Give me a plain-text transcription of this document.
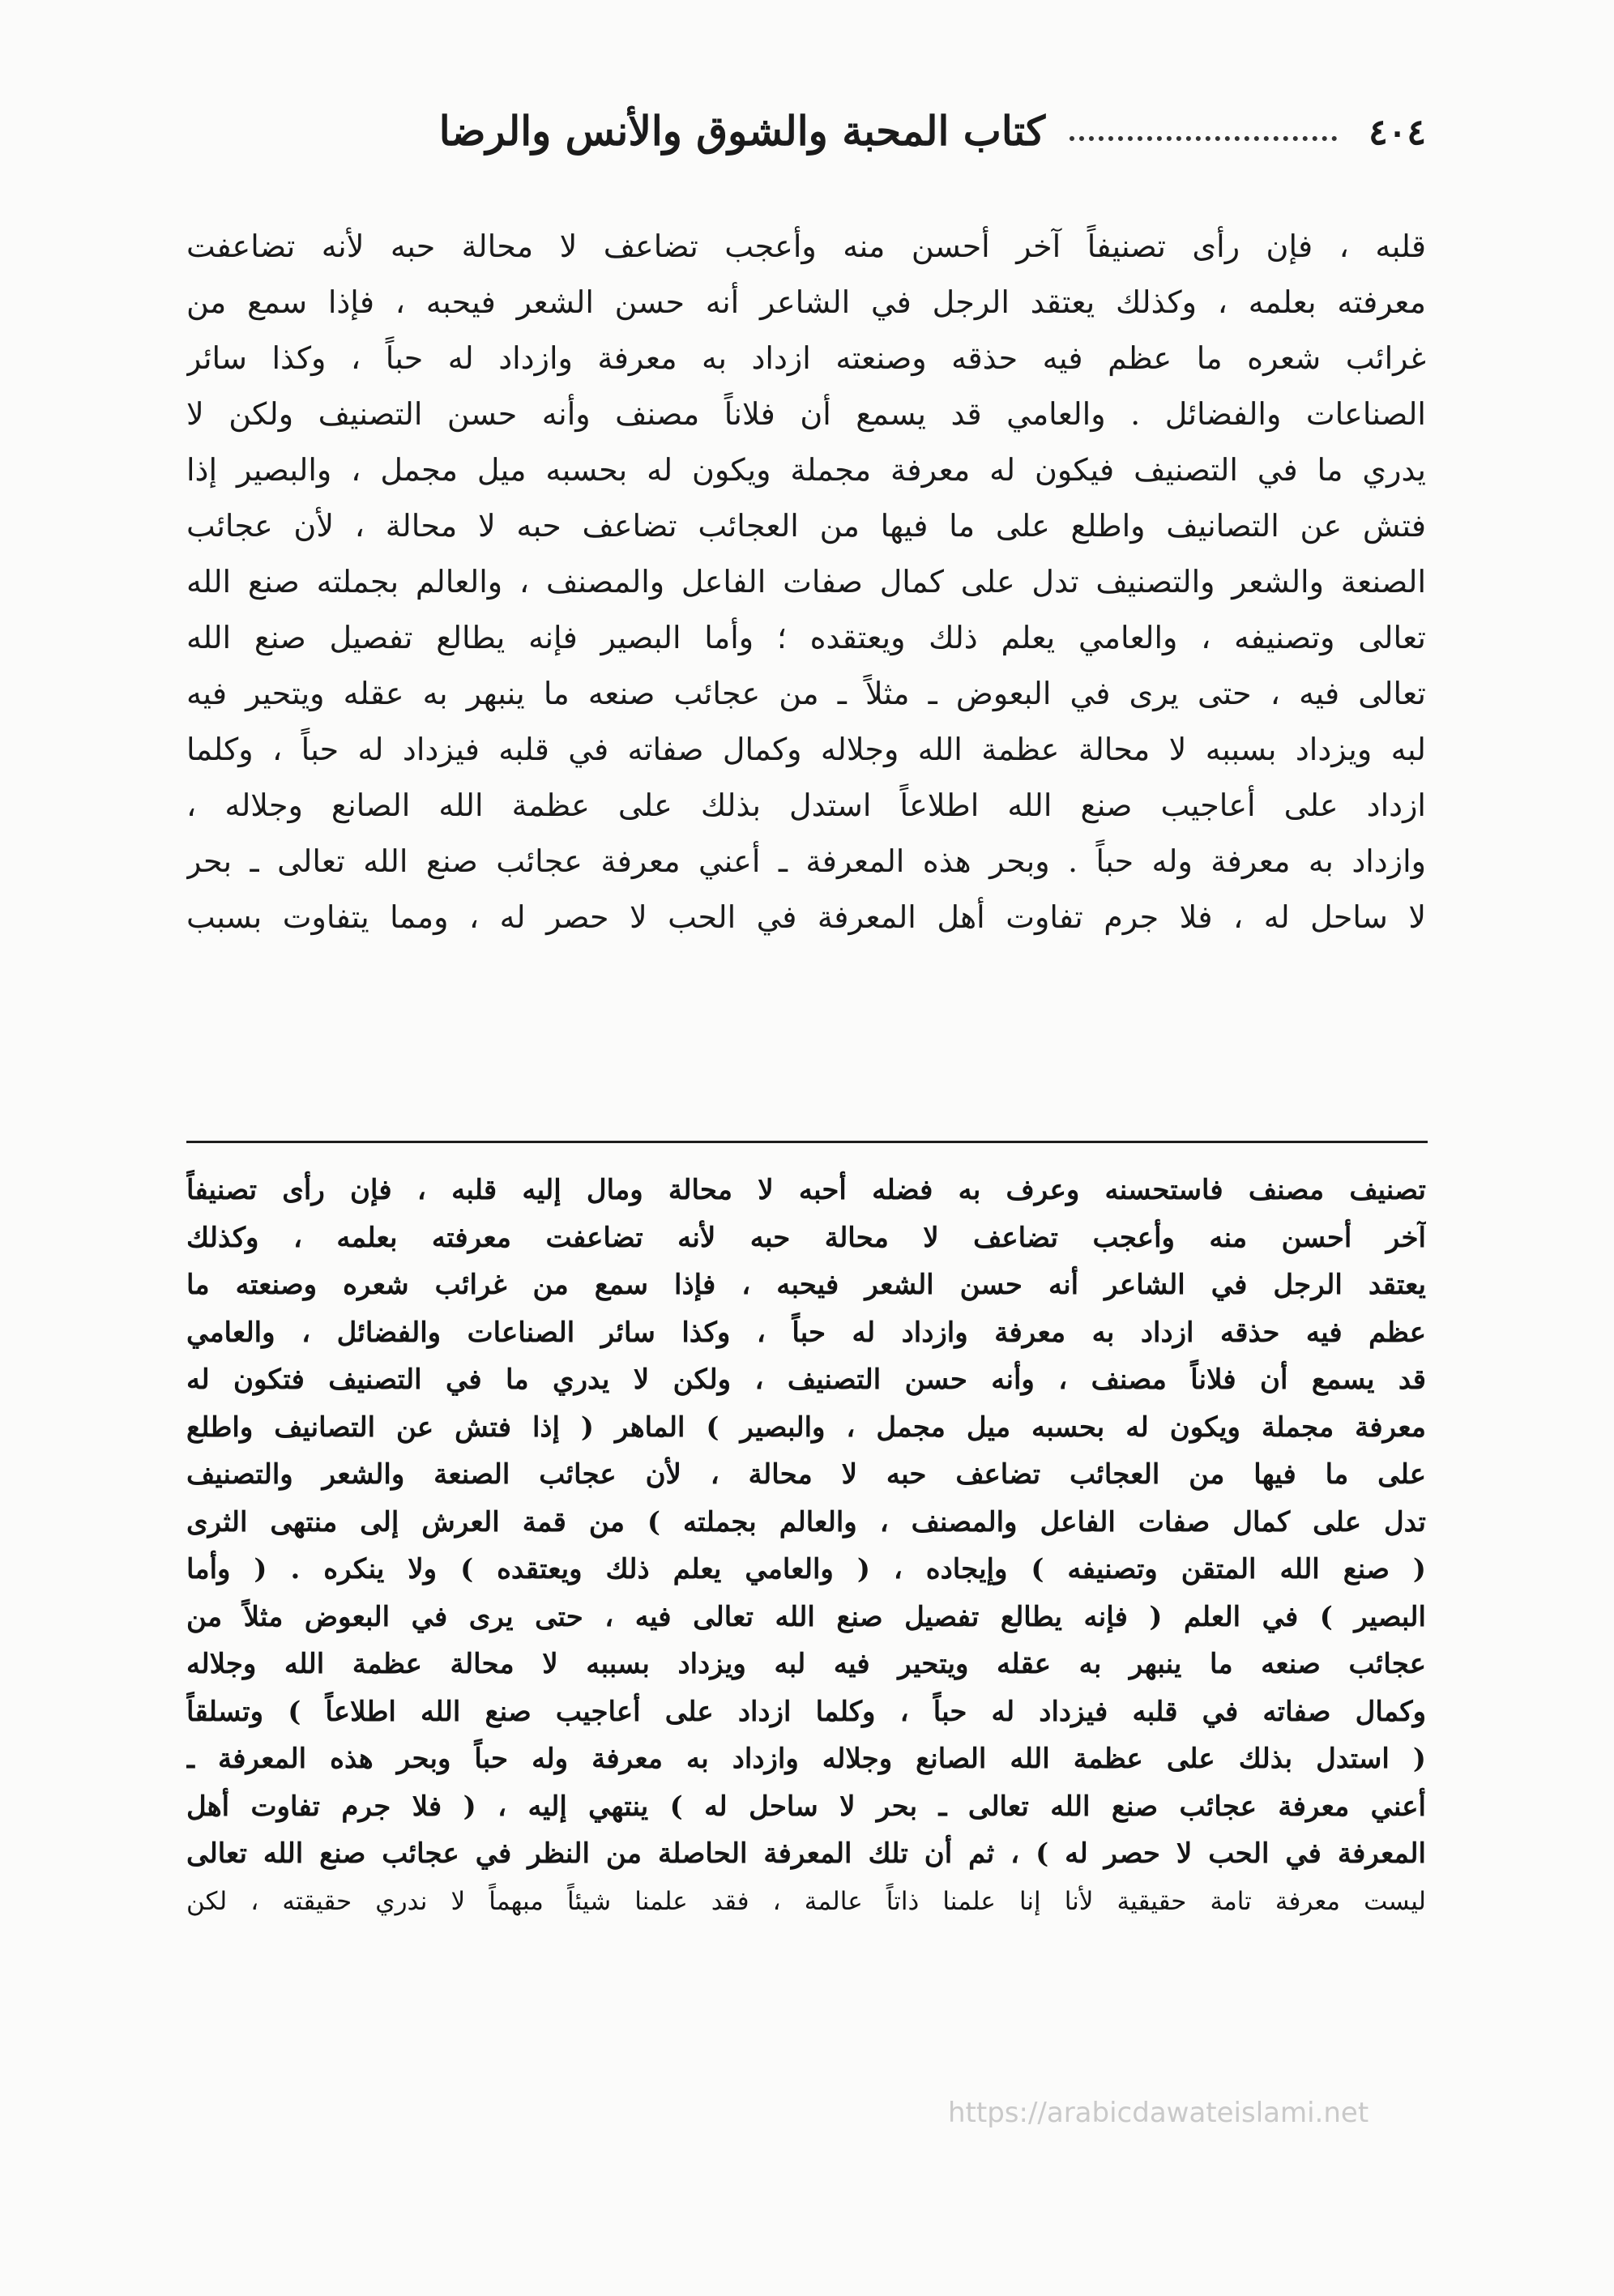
٤٠٤
كتاب المحبة والشوق والأنس والرضا
قلبه ، فإن رأى تصنيفاً آخر أحسن منه وأعجب تضاعف لا محالة حبه لأنه تضاعفت
معرفته بعلمه ، وكذلك يعتقد الرجل في الشاعر أنه حسن الشعر فيحبه ، فإذا سمع من
غرائب شعره ما عظم فيه حذقه وصنعته ازداد به معرفة وازداد له حباً ، وكذا سائر
الصناعات والفضائل . والعامي قد يسمع أن فلاناً مصنف وأنه حسن التصنيف ولكن لا
يدري ما في التصنيف فيكون له معرفة مجملة ويكون له بحسبه ميل مجمل ، والبصير إذا
فتش عن التصانيف واطلع على ما فيها من العجائب تضاعف حبه لا محالة ، لأن عجائب
الصنعة والشعر والتصنيف تدل على كمال صفات الفاعل والمصنف ، والعالم بجملته صنع الله
تعالى وتصنيفه ، والعامي يعلم ذلك ويعتقده ؛ وأما البصير فإنه يطالع تفصيل صنع الله
تعالى فيه ، حتى يرى في البعوض ـ مثلاً ـ من عجائب صنعه ما ينبهر به عقله ويتحير فيه
لبه ويزداد بسببه لا محالة عظمة الله وجلاله وكمال صفاته في قلبه فيزداد له حباً ، وكلما
ازداد على أعاجيب صنع الله اطلاعاً استدل بذلك على عظمة الله الصانع وجلاله ،
وازداد به معرفة وله حباً . وبحر هذه المعرفة ـ أعني معرفة عجائب صنع الله تعالى ـ بحر
لا ساحل له ، فلا جرم تفاوت أهل المعرفة في الحب لا حصر له ، ومما يتفاوت بسبب
تصنيف مصنف فاستحسنه وعرف به فضله أحبه لا محالة ومال إليه قلبه ، فإن رأى تصنيفاً
آخر أحسن منه وأعجب تضاعف لا محالة حبه لأنه تضاعفت معرفته بعلمه ، وكذلك
يعتقد الرجل في الشاعر أنه حسن الشعر فيحبه ، فإذا سمع من غرائب شعره وصنعته ما
عظم فيه حذقه ازداد به معرفة وازداد له حباً ، وكذا سائر الصناعات والفضائل ، والعامي
قد يسمع أن فلاناً مصنف ، وأنه حسن التصنيف ، ولكن لا يدري ما في التصنيف فتكون له
معرفة مجملة ويكون له بحسبه ميل مجمل ، والبصير ) الماهر ( إذا فتش عن التصانيف واطلع
على ما فيها من العجائب تضاعف حبه لا محالة ، لأن عجائب الصنعة والشعر والتصنيف
تدل على كمال صفات الفاعل والمصنف ، والعالم بجملته ) من قمة العرش إلى منتهى الثرى
( صنع الله المتقن وتصنيفه ) وإيجاده ، ( والعامي يعلم ذلك ويعتقده ) ولا ينكره . ( وأما
البصير ) في العلم ( فإنه يطالع تفصيل صنع الله تعالى فيه ، حتى يرى في البعوض مثلاً من
عجائب صنعه ما ينبهر به عقله ويتحير فيه لبه ويزداد بسببه لا محالة عظمة الله وجلاله
وكمال صفاته في قلبه فيزداد له حباً ، وكلما ازداد على أعاجيب صنع الله اطلاعاً ) وتسلقاً
( استدل بذلك على عظمة الله الصانع وجلاله وازداد به معرفة وله حباً وبحر هذه المعرفة ـ
أعني معرفة عجائب صنع الله تعالى ـ بحر لا ساحل له ) ينتهي إليه ، ( فلا جرم تفاوت أهل
المعرفة في الحب لا حصر له ) ، ثم أن تلك المعرفة الحاصلة من النظر في عجائب صنع الله تعالى
ليست معرفة تامة حقيقية لأنا إنا علمنا ذاتاً عالمة ، فقد علمنا شيئاً مبهماً لا ندري حقيقته ، لكن
https://arabicdawateislami.net
